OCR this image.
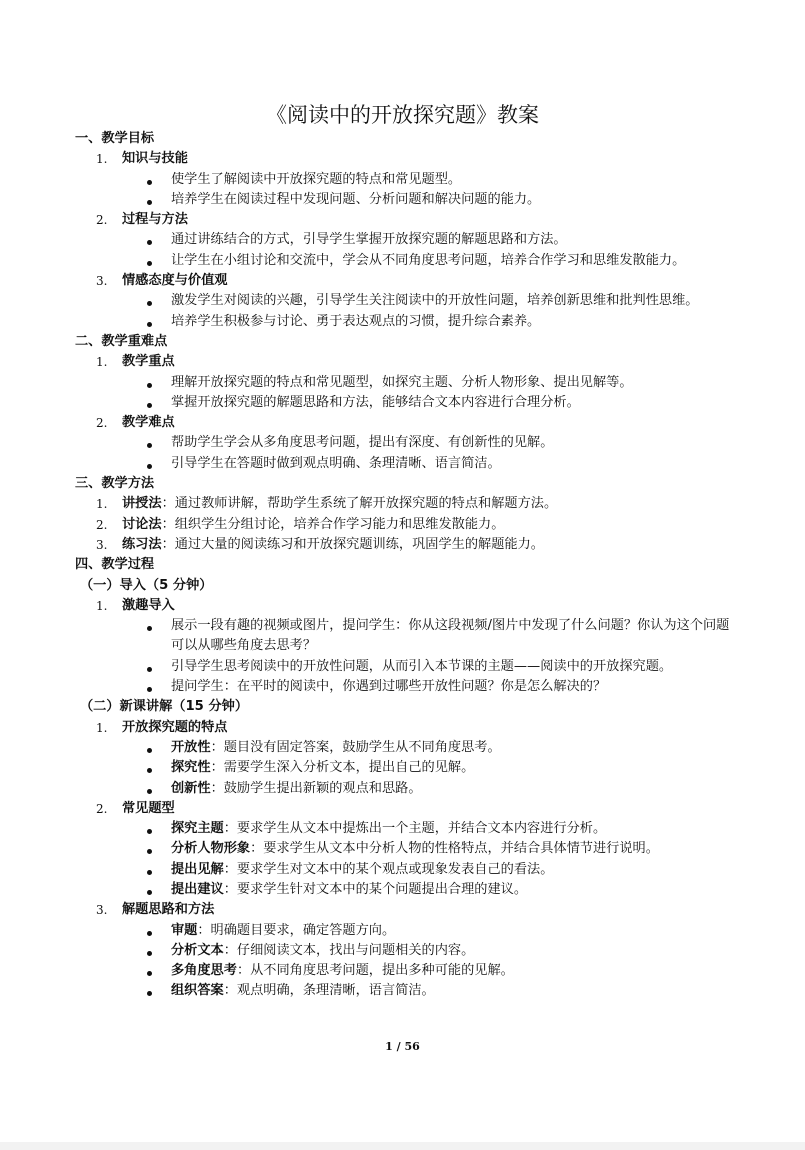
《阅读中的开放探究题》教案
一、教学目标
1. 知识与技能
使学生了解阅读中开放探究题的特点和常见题型。
培养学生在阅读过程中发现问题、分析问题和解决问题的能力。
2. 过程与方法
通过讲练结合的方式，引导学生掌握开放探究题的解题思路和方法。
让学生在小组讨论和交流中，学会从不同角度思考问题，培养合作学习和思维发散能力。
3. 情感态度与价值观
激发学生对阅读的兴趣，引导学生关注阅读中的开放性问题，培养创新思维和批判性思维。
培养学生积极参与讨论、勇于表达观点的习惯，提升综合素养。
二、教学重难点
1. 教学重点
理解开放探究题的特点和常见题型，如探究主题、分析人物形象、提出见解等。
掌握开放探究题的解题思路和方法，能够结合文本内容进行合理分析。
2. 教学难点
帮助学生学会从多角度思考问题，提出有深度、有创新性的见解。
引导学生在答题时做到观点明确、条理清晰、语言简洁。
三、教学方法
1. 讲授法：通过教师讲解，帮助学生系统了解开放探究题的特点和解题方法。
2. 讨论法：组织学生分组讨论，培养合作学习能力和思维发散能力。
3. 练习法：通过大量的阅读练习和开放探究题训练，巩固学生的解题能力。
四、教学过程
（一）导入（5 分钟）
1. 激趣导入
展示一段有趣的视频或图片，提问学生：你从这段视频/图片中发现了什么问题？你认为这个问题可以从哪些角度去思考？
引导学生思考阅读中的开放性问题，从而引入本节课的主题——阅读中的开放探究题。
提问学生：在平时的阅读中，你遇到过哪些开放性问题？你是怎么解决的？
（二）新课讲解（15 分钟）
1. 开放探究题的特点
开放性：题目没有固定答案，鼓励学生从不同角度思考。
探究性：需要学生深入分析文本，提出自己的见解。
创新性：鼓励学生提出新颖的观点和思路。
2. 常见题型
探究主题：要求学生从文本中提炼出一个主题，并结合文本内容进行分析。
分析人物形象：要求学生从文本中分析人物的性格特点，并结合具体情节进行说明。
提出见解：要求学生对文本中的某个观点或现象发表自己的看法。
提出建议：要求学生针对文本中的某个问题提出合理的建议。
3. 解题思路和方法
审题：明确题目要求，确定答题方向。
分析文本：仔细阅读文本，找出与问题相关的内容。
多角度思考：从不同角度思考问题，提出多种可能的见解。
组织答案：观点明确，条理清晰，语言简洁。
1 / 56
